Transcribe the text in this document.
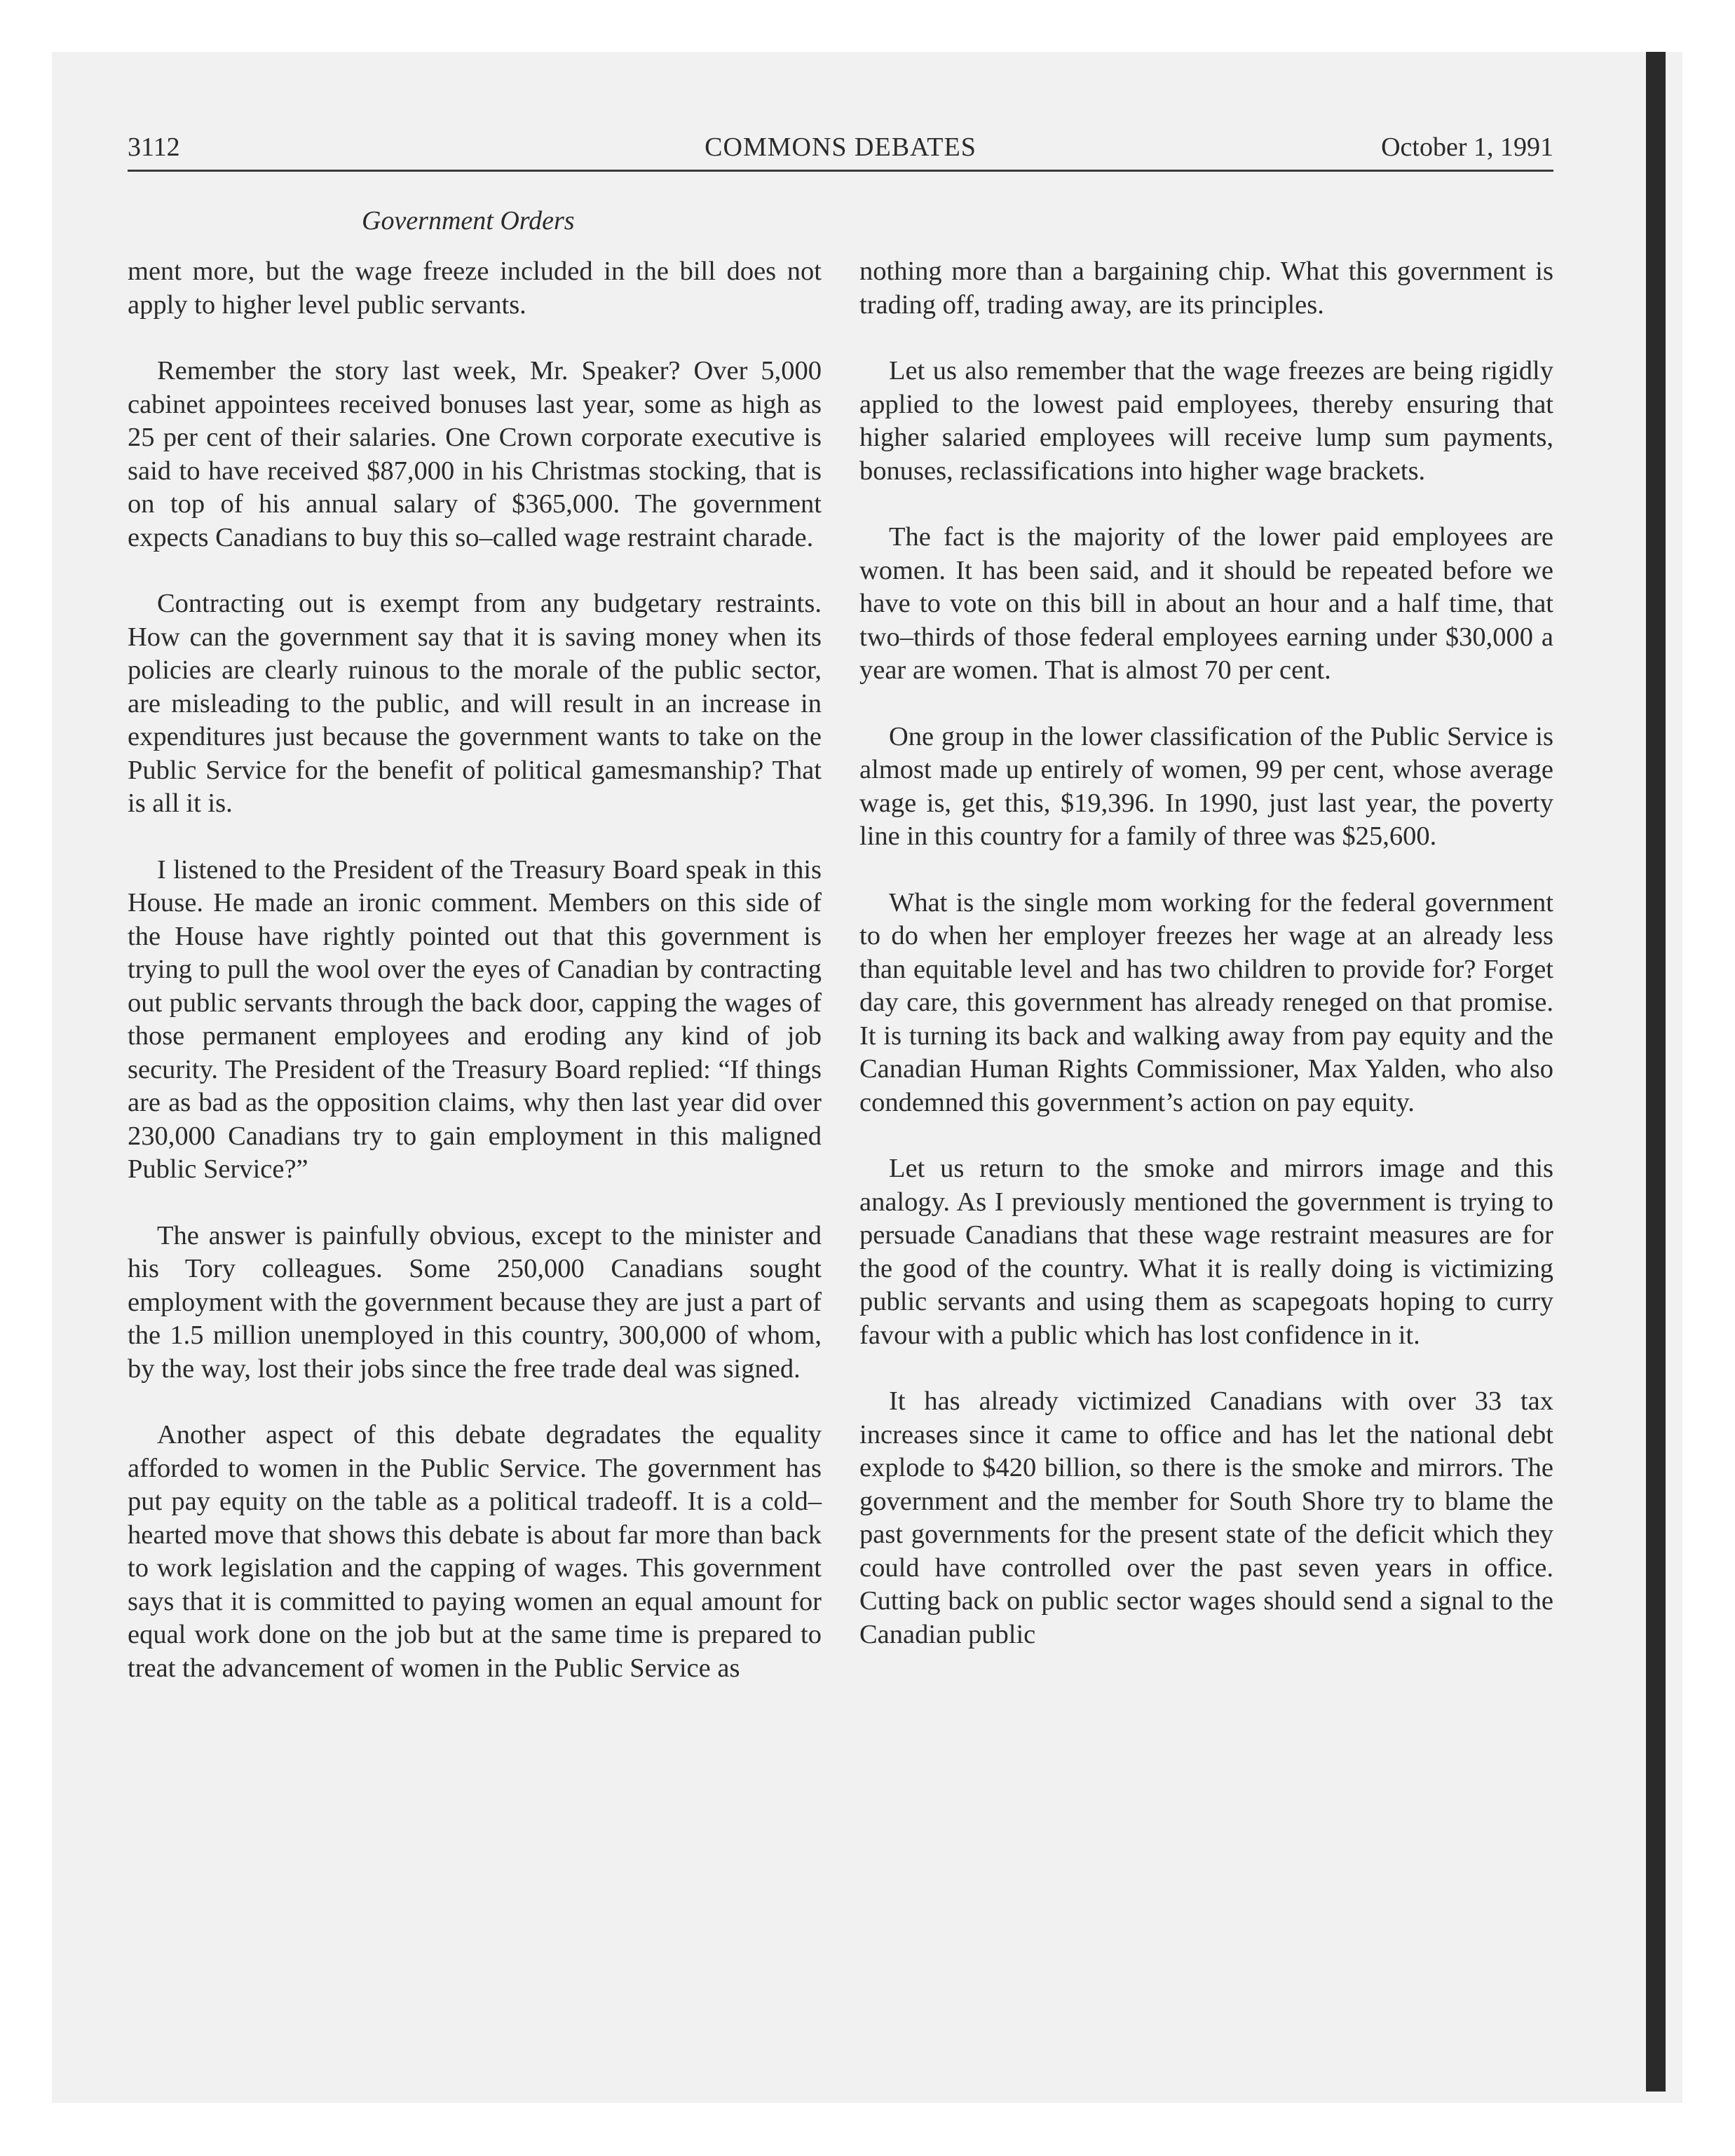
3112	COMMONS DEBATES	October 1, 1991
Government Orders

ment more, but the wage freeze included in the bill does not apply to higher level public servants.

Remember the story last week, Mr. Speaker? Over 5,000 cabinet appointees received bonuses last year, some as high as 25 per cent of their salaries. One Crown corporate executive is said to have received $87,000 in his Christmas stocking, that is on top of his annual salary of $365,000. The government expects Canadians to buy this so–called wage restraint charade.

Contracting out is exempt from any budgetary restraints. How can the government say that it is saving money when its policies are clearly ruinous to the morale of the public sector, are misleading to the public, and will result in an increase in expenditures just because the government wants to take on the Public Service for the benefit of political gamesmanship? That is all it is.

I listened to the President of the Treasury Board speak in this House. He made an ironic comment. Members on this side of the House have rightly pointed out that this government is trying to pull the wool over the eyes of Canadian by contracting out public servants through the back door, capping the wages of those permanent employees and eroding any kind of job security. The President of the Treasury Board replied: “If things are as bad as the opposition claims, why then last year did over 230,000 Canadians try to gain employment in this maligned Public Service?”

The answer is painfully obvious, except to the minister and his Tory colleagues. Some 250,000 Canadians sought employment with the government because they are just a part of the 1.5 million unemployed in this country, 300,000 of whom, by the way, lost their jobs since the free trade deal was signed.

Another aspect of this debate degradates the equality afforded to women in the Public Service. The government has put pay equity on the table as a political tradeoff. It is a cold–hearted move that shows this debate is about far more than back to work legislation and the capping of wages. This government says that it is committed to paying women an equal amount for equal work done on the job but at the same time is prepared to treat the advancement of women in the Public Service as

nothing more than a bargaining chip. What this government is trading off, trading away, are its principles.

Let us also remember that the wage freezes are being rigidly applied to the lowest paid employees, thereby ensuring that higher salaried employees will receive lump sum payments, bonuses, reclassifications into higher wage brackets.

The fact is the majority of the lower paid employees are women. It has been said, and it should be repeated before we have to vote on this bill in about an hour and a half time, that two–thirds of those federal employees earning under $30,000 a year are women. That is almost 70 per cent.

One group in the lower classification of the Public Service is almost made up entirely of women, 99 per cent, whose average wage is, get this, $19,396. In 1990, just last year, the poverty line in this country for a family of three was $25,600.

What is the single mom working for the federal government to do when her employer freezes her wage at an already less than equitable level and has two children to provide for? Forget day care, this government has already reneged on that promise. It is turning its back and walking away from pay equity and the Canadian Human Rights Commissioner, Max Yalden, who also condemned this government’s action on pay equity.

Let us return to the smoke and mirrors image and this analogy. As I previously mentioned the government is trying to persuade Canadians that these wage restraint measures are for the good of the country. What it is really doing is victimizing public servants and using them as scapegoats hoping to curry favour with a public which has lost confidence in it.

It has already victimized Canadians with over 33 tax increases since it came to office and has let the national debt explode to $420 billion, so there is the smoke and mirrors. The government and the member for South Shore try to blame the past governments for the present state of the deficit which they could have controlled over the past seven years in office. Cutting back on public sector wages should send a signal to the Canadian public
